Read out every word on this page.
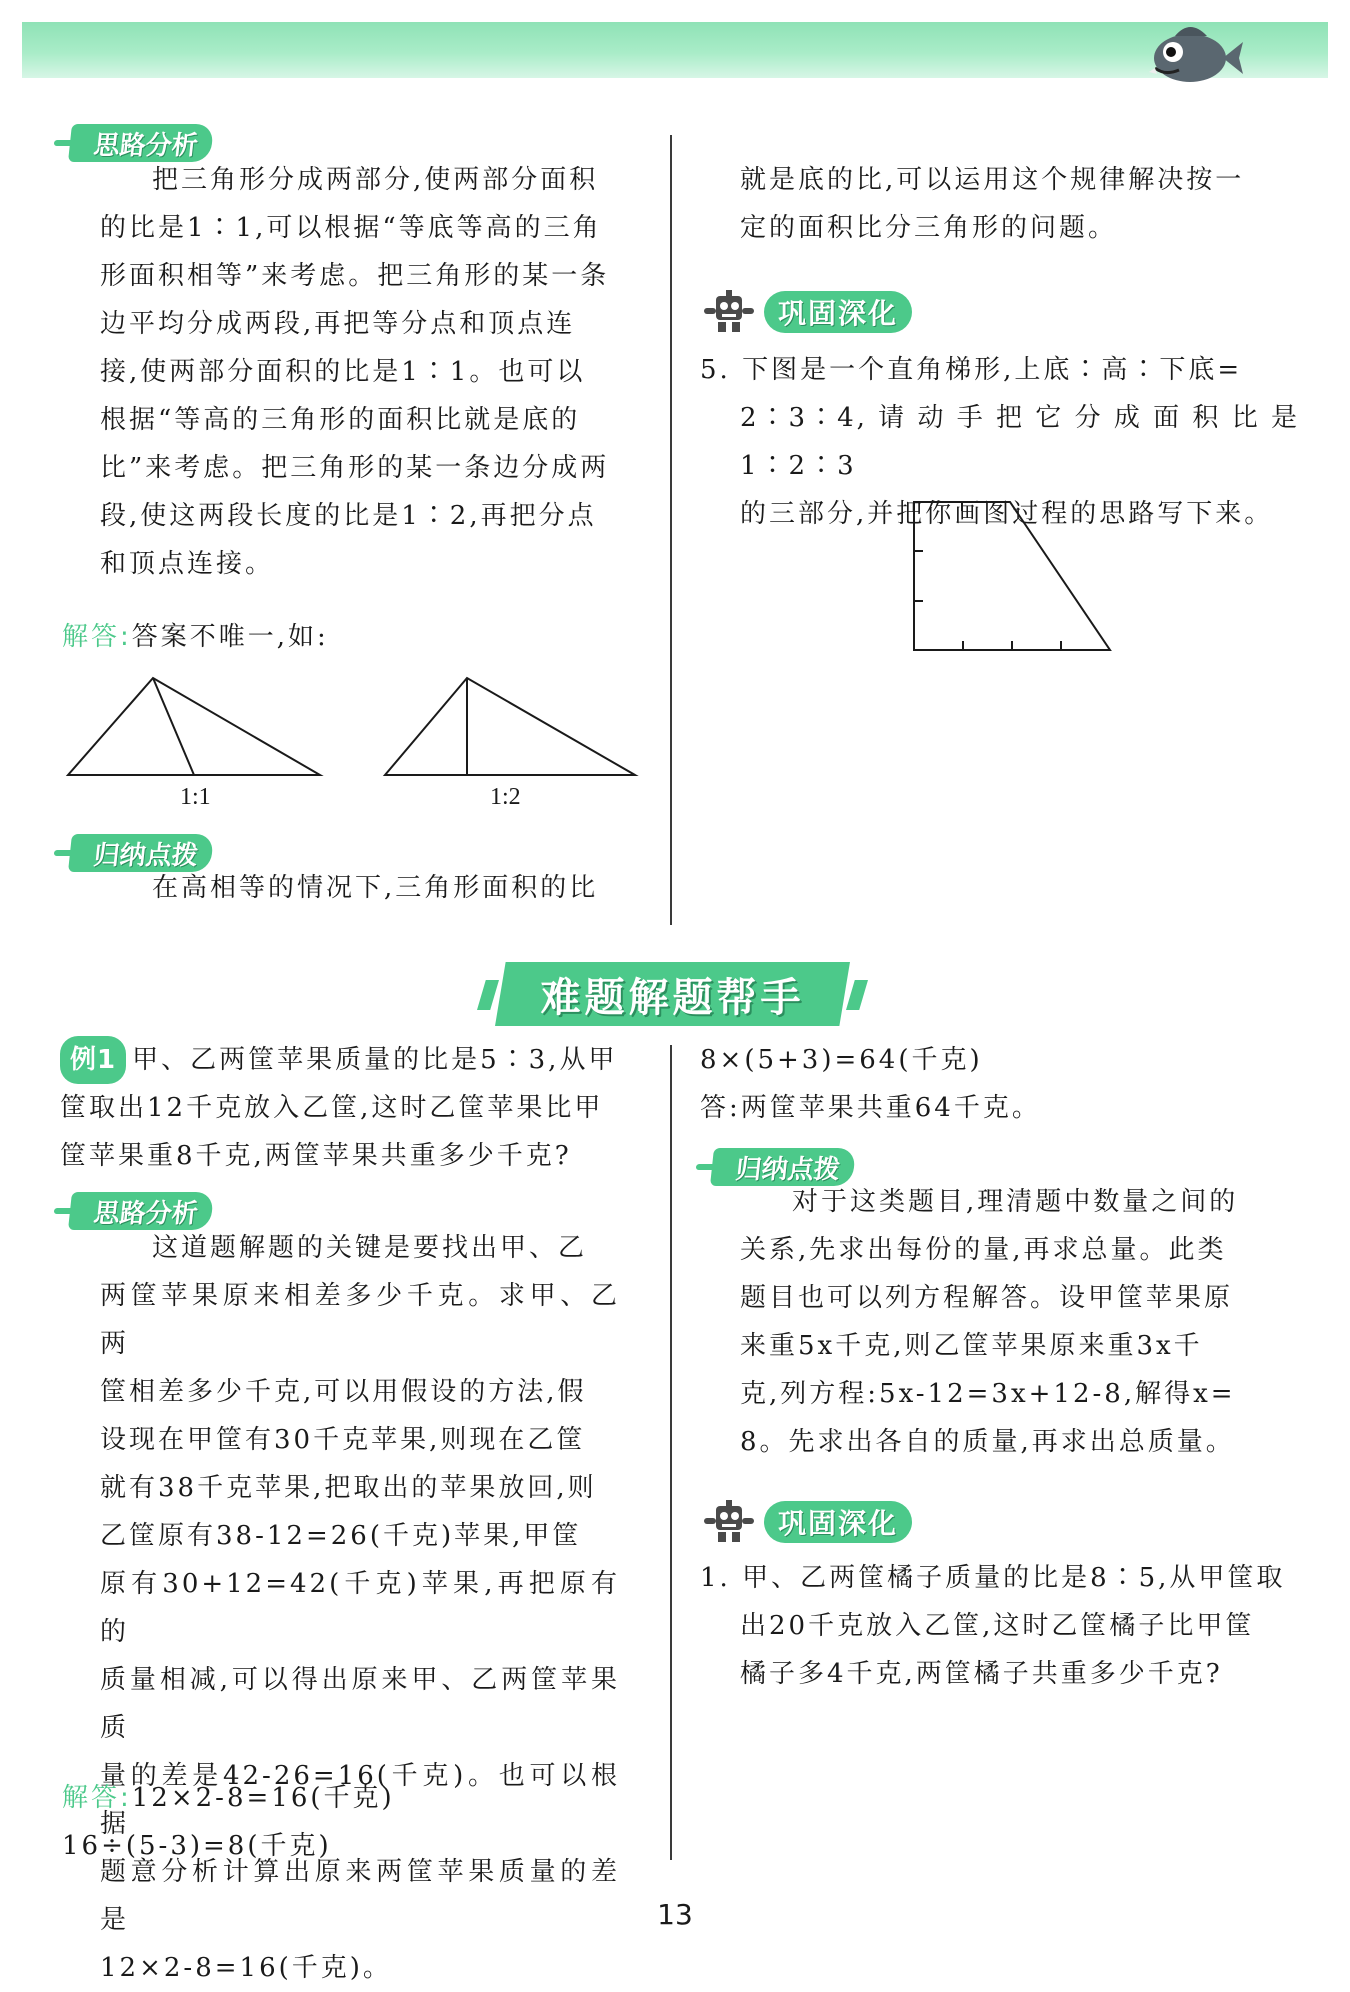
思路分析

把三角形分成两部分,使两部分面积

的比是1∶1,可以根据“等底等高的三角

形面积相等”来考虑。把三角形的某一条

边平均分成两段,再把等分点和顶点连

接,使两部分面积的比是1∶1。也可以

根据“等高的三角形的面积比就是底的

比”来考虑。把三角形的某一条边分成两

段,使这两段长度的比是1∶2,再把分点

和顶点连接。

解答:答案不唯一,如:
1:1	1:2
归纳点拨

在高相等的情况下,三角形面积的比

就是底的比,可以运用这个规律解决按一

定的面积比分三角形的问题。

巩固深化

5. 下图是一个直角梯形,上底∶高∶下底=

2∶3∶4,请动手把它分成面积比是1∶2∶3

的三部分,并把你画图过程的思路写下来。

难题解题帮手

例1 甲、乙两筐苹果质量的比是5∶3,从甲

筐取出12千克放入乙筐,这时乙筐苹果比甲

筐苹果重8千克,两筐苹果共重多少千克?

思路分析

这道题解题的关键是要找出甲、乙

两筐苹果原来相差多少千克。求甲、乙两

筐相差多少千克,可以用假设的方法,假

设现在甲筐有30千克苹果,则现在乙筐

就有38千克苹果,把取出的苹果放回,则

乙筐原有38-12=26(千克)苹果,甲筐

原有30+12=42(千克)苹果,再把原有的

质量相减,可以得出原来甲、乙两筐苹果质

量的差是42-26=16(千克)。也可以根据

题意分析计算出原来两筐苹果质量的差是

12×2-8=16(千克)。

解答:12×2-8=16(千克)

16÷(5-3)=8(千克)

8×(5+3)=64(千克)

答:两筐苹果共重64千克。

归纳点拨

对于这类题目,理清题中数量之间的

关系,先求出每份的量,再求总量。此类

题目也可以列方程解答。设甲筐苹果原

来重5x千克,则乙筐苹果原来重3x千

克,列方程:5x-12=3x+12-8,解得x=

8。先求出各自的质量,再求出总质量。

巩固深化

1. 甲、乙两筐橘子质量的比是8∶5,从甲筐取

出20千克放入乙筐,这时乙筐橘子比甲筐

橘子多4千克,两筐橘子共重多少千克?

13
